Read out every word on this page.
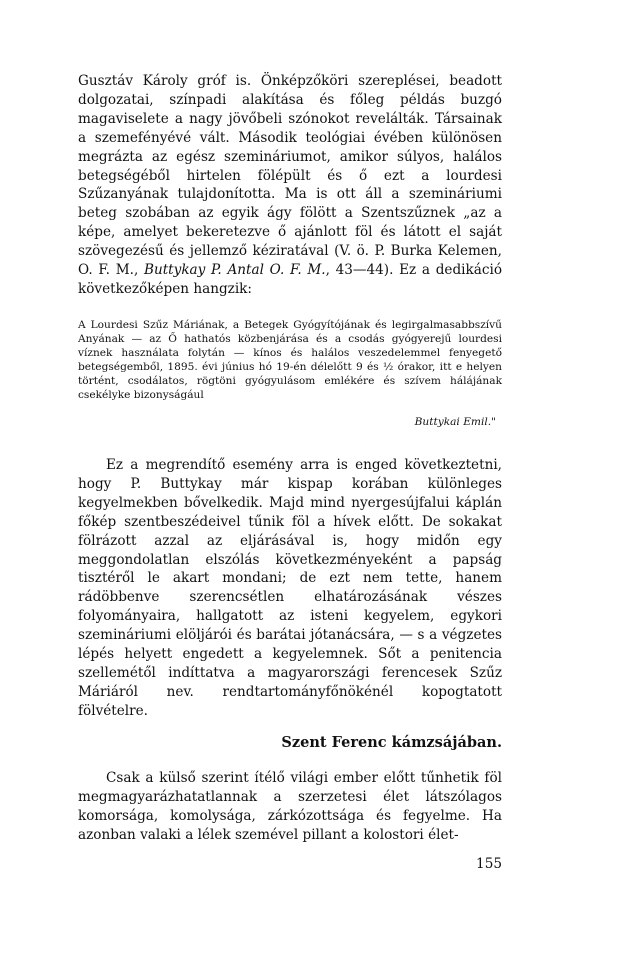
Gusztáv Károly gróf is. Önképzőköri szereplései, beadott dolgozatai, színpadi alakítása és főleg példás buzgó magaviselete a nagy jövőbeli szónokot revelálták. Társainak a szemefényévé vált. Második teológiai évében különösen megrázta az egész szemináriumot, amikor súlyos, halálos betegségéből hirtelen fölépült és ő ezt a lourdesi Szűzanyának tulajdonította. Ma is ott áll a szemináriumi beteg szobában az egyik ágy fölött a Szentszűznek „az a képe, amelyet bekeretezve ő ajánlott föl és látott el saját szövegezésű és jellemző kéziratával (V. ö. P. Burka Kelemen, O. F. M., Buttykay P. Antal O. F. M., 43—44). Ez a dedikáció következőképen hangzik:

A Lourdesi Szűz Máriának, a Betegek Gyógyítójának és legirgalmasabbszívű Anyának — az Ő hathatós közbenjárása és a csodás gyógyerejű lourdesi víznek használata folytán — kínos és halálos veszedelemmel fenyegető betegségemből, 1895. évi június hó 19-én délelőtt 9 és ½ órakor, itt e helyen történt, csodálatos, rögtöni gyógyulásom emlékére és szívem hálájának csekélyke bizonyságául

Buttykai Emil."

Ez a megrendítő esemény arra is enged következtetni, hogy P. Buttykay már kispap korában különleges kegyelmekben bővelkedik. Majd mind nyergesújfalui káplán főkép szentbeszédeivel tűnik föl a hívek előtt. De sokakat fölrázott azzal az eljárásával is, hogy midőn egy meggondolatlan elszólás következményeként a papság tisztéről le akart mondani; de ezt nem tette, hanem rádöbbenve szerencsétlen elhatározásának vészes folyományaira, hallgatott az isteni kegyelem, egykori szemináriumi elöljárói és barátai jótanácsára, — s a végzetes lépés helyett engedett a kegyelemnek. Sőt a penitencia szellemétől indíttatva a magyarországi ferencesek Szűz Máriáról nev. rendtartományfőnökénél kopogtatott fölvételre.

Szent Ferenc kámzsájában.

Csak a külső szerint ítélő világi ember előtt tűnhetik föl megmagyarázhatatlannak a szerzetesi élet látszólagos komorsága, komolysága, zárkózottsága és fegyelme. Ha azonban valaki a lélek szemével pillant a kolostori élet-

155
